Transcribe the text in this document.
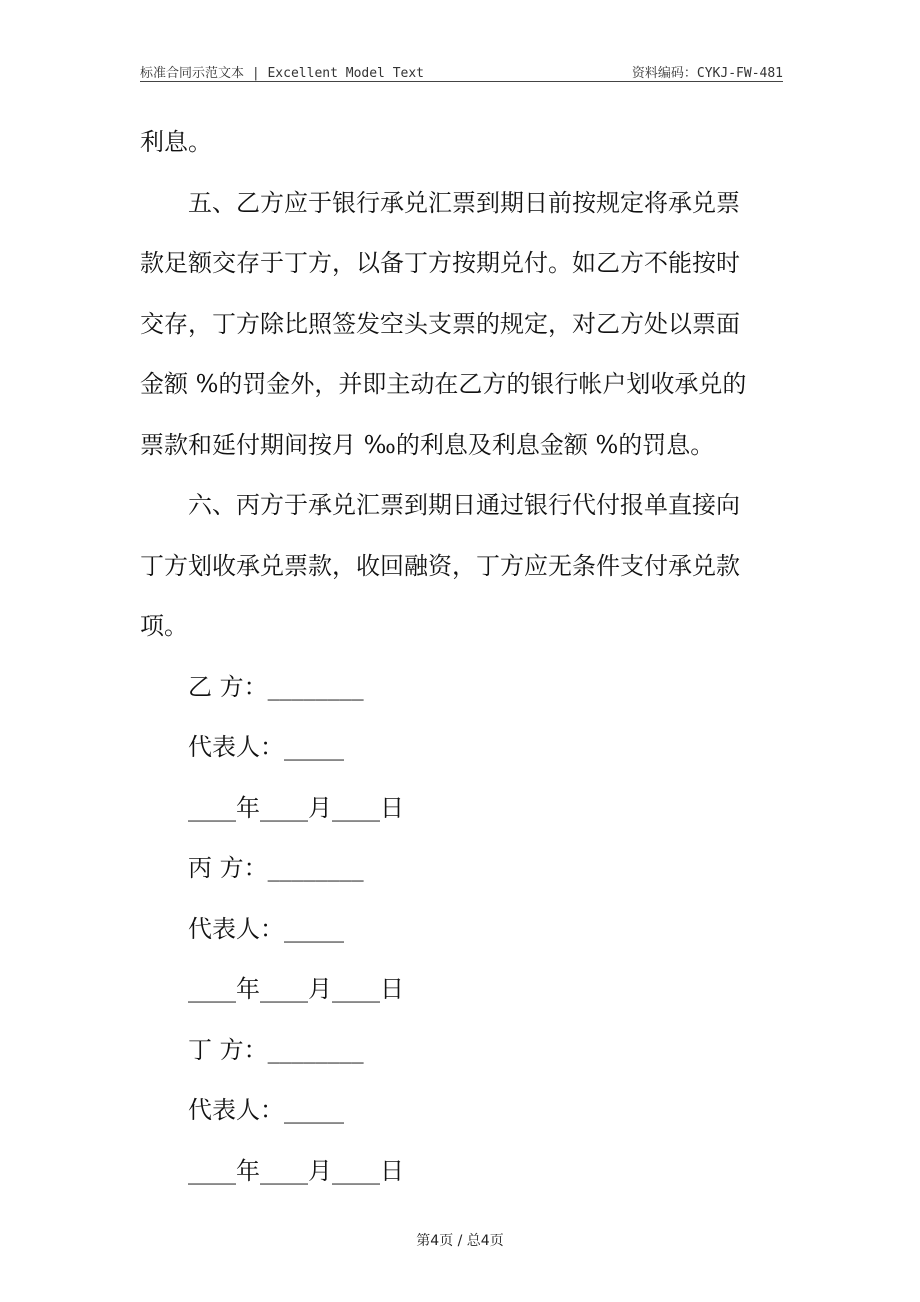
标准合同示范文本 | Excellent Model Text	资料编码：CYKJ-FW-481

利息。

五、乙方应于银行承兑汇票到期日前按规定将承兑票款足额交存于丁方，以备丁方按期兑付。如乙方不能按时交存，丁方除比照签发空头支票的规定，对乙方处以票面金额 %的罚金外，并即主动在乙方的银行帐户划收承兑的票款和延付期间按月 ‰的利息及利息金额 %的罚息。

六、丙方于承兑汇票到期日通过银行代付报单直接向丁方划收承兑票款，收回融资，丁方应无条件支付承兑款项。

乙 方：________

代表人：_____

____年____月____日

丙 方：________

代表人：_____

____年____月____日

丁 方：________

代表人：_____

____年____月____日

第4页 / 总4页
